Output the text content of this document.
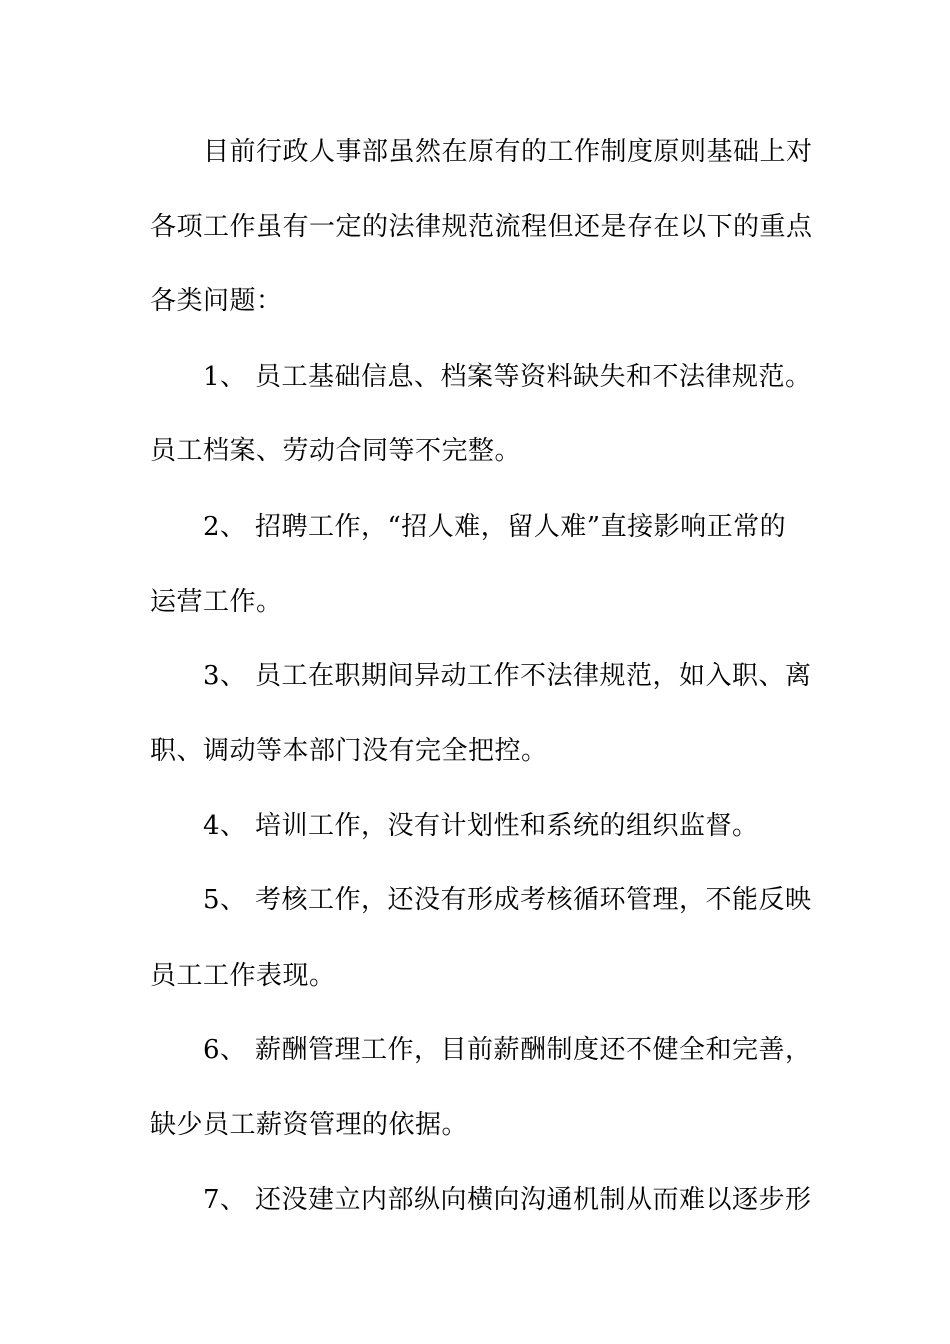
目前行政人事部虽然在原有的工作制度原则基础上对
各项工作虽有一定的法律规范流程但还是存在以下的重点
各类问题：
1、 员工基础信息、档案等资料缺失和不法律规范。
员工档案、劳动合同等不完整。
2、 招聘工作，“招人难，留人难”直接影响正常的
运营工作。
3、 员工在职期间异动工作不法律规范，如入职、离
职、调动等本部门没有完全把控。
4、 培训工作，没有计划性和系统的组织监督。
5、 考核工作，还没有形成考核循环管理，不能反映
员工工作表现。
6、 薪酬管理工作，目前薪酬制度还不健全和完善，
缺少员工薪资管理的依据。
7、 还没建立内部纵向横向沟通机制从而难以逐步形
